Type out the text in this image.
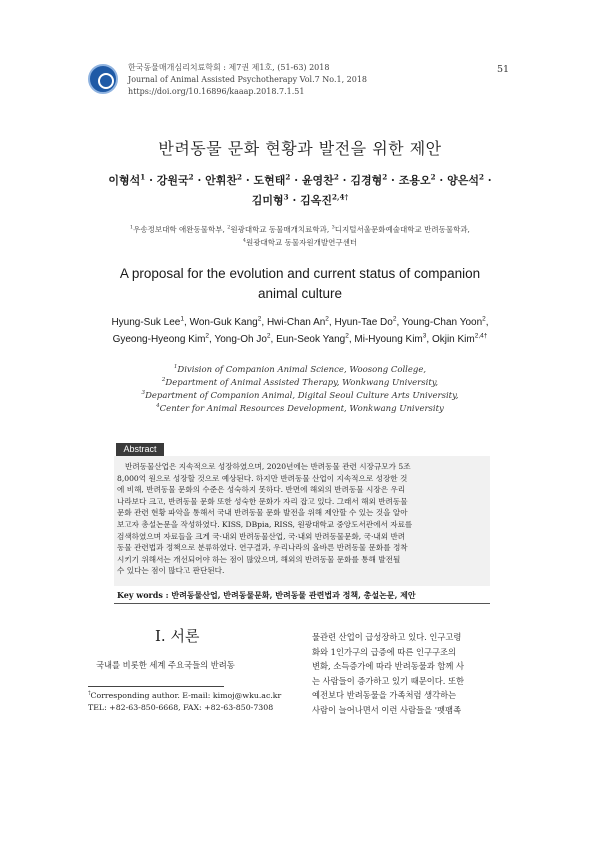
한국동물매개심리치료학회 : 제7권 제1호, (51-63) 2018
Journal of Animal Assisted Psychotherapy Vol.7 No.1, 2018
https://doi.org/10.16896/kaaap.2018.7.1.51
51
반려동물 문화 현황과 발전을 위한 제안
이형석$^1$ · 강원국$^2$ · 안휘찬$^2$ · 도현태$^2$ · 윤영찬$^2$ · 김경형$^2$ · 조용오$^2$ · 양은석$^2$ ·
김미형$^3$ · 김옥진$^{2,4\dagger}$
$^1$우송정보대학 애완동물학부, $^2$원광대학교 동물매개치료학과, $^3$디지털서울문화예술대학교 반려동물학과,
$^4$원광대학교 동물자원개발연구센터
A proposal for the evolution and current status of companion
animal culture
Hyung-Suk Lee$^1$, Won-Guk Kang$^2$, Hwi-Chan An$^2$, Hyun-Tae Do$^2$, Young-Chan Yoon$^2$,
Gyeong-Hyeong Kim$^2$, Yong-Oh Jo$^2$, Eun-Seok Yang$^2$, Mi-Hyoung Kim$^3$, Okjin Kim$^{2,4\dagger}$
$^1$Division of Companion Animal Science, Woosong College,
$^2$Department of Animal Assisted Therapy, Wonkwang University,
$^3$Department of Companion Animal, Digital Seoul Culture Arts University,
$^4$Center for Animal Resources Development, Wonkwang University
Abstract
반려동물산업은 지속적으로 성장하였으며, 2020년에는 반려동물 관련 시장규모가 5조
8,000억 원으로 성장할 것으로 예상된다. 하지만 반려동물 산업이 지속적으로 성장한 것
에 비해, 반려동물 문화의 수준은 성숙하지 못하다. 반면에 해외의 반려동물 시장은 우리
나라보다 크고, 반려동물 문화 또한 성숙한 문화가 자리 잡고 있다. 그래서 해외 반려동물
문화 관련 현황 파악을 통해서 국내 반려동물 문화 발전을 위해 제안할 수 있는 것을 알아
보고자 총설논문을 작성하였다. KISS, DBpia, RISS, 원광대학교 중앙도서관에서 자료를
검색하였으며 자료들을 크게 국·내외 반려동물산업, 국·내외 반려동물문화, 국·내외 반려
동물 관련법과 정책으로 분류하였다. 연구결과, 우리나라의 올바른 반려동물 문화를 정착
시키기 위해서는 개선되어야 하는 점이 많았으며, 해외의 반려동물 문화를 통해 발전될
수 있다는 점이 많다고 판단된다.
Key words : 반려동물산업, 반려동물문화, 반려동물 관련법과 정책, 총설논문, 제안
Ⅰ. 서론
국내를 비롯한 세계 주요국들의 반려동
물관련 산업이 급성장하고 있다. 인구고령
화와 1인가구의 급증에 따른 인구구조의
변화, 소득증가에 따라 반려동물과 함께 사
는 사람들이 증가하고 있기 때문이다. 또한
예전보다 반려동물을 가족처럼 생각하는
사람이 늘어나면서 이런 사람들을 '펫팸족
†Corresponding author. E-mail: kimoj@wku.ac.kr
TEL: +82-63-850-6668, FAX: +82-63-850-7308
